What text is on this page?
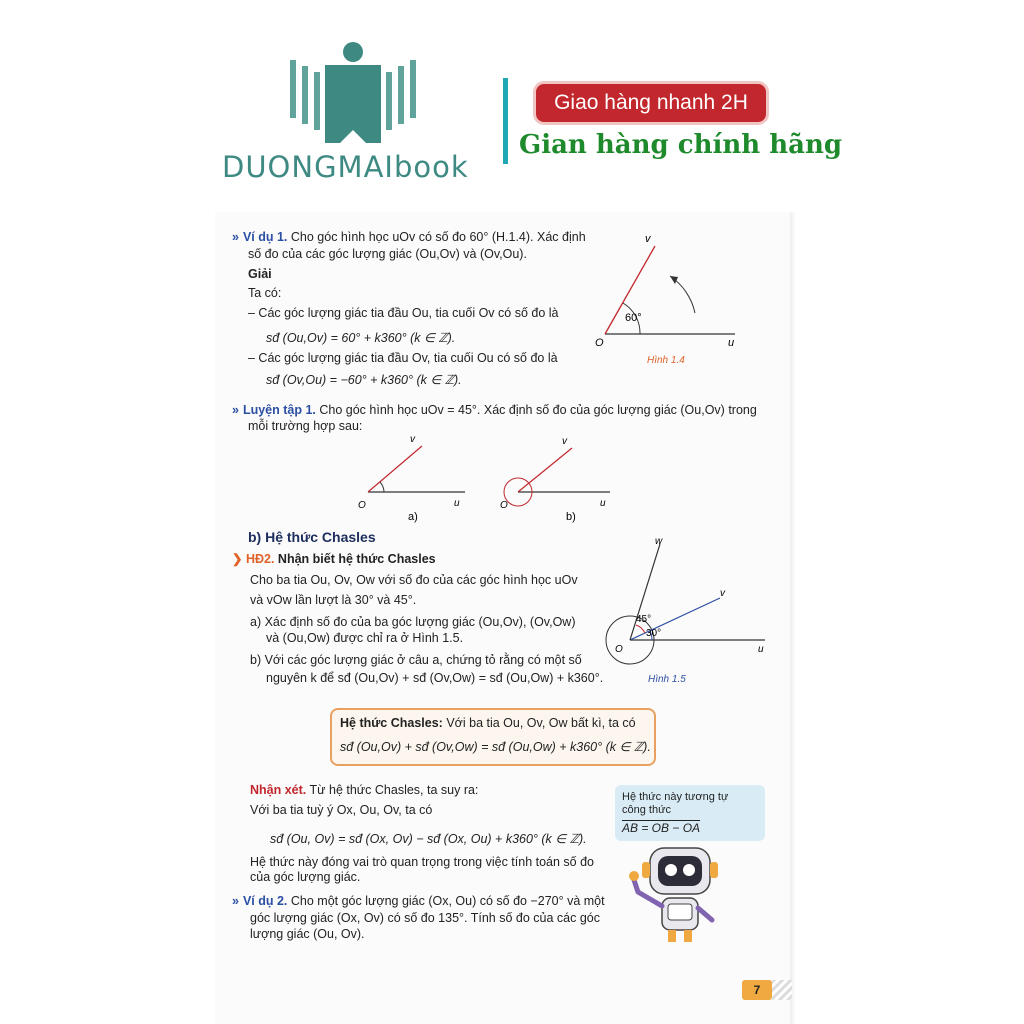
DUONGMAIbook
Giao hàng nhanh 2H
Gian hàng chính hãng
» Ví dụ 1. Cho góc hình học uOv có số đo 60° (H.1.4). Xác định
số đo của các góc lượng giác (Ou,Ov) và (Ov,Ou).
Giải
Ta có:
– Các góc lượng giác tia đầu Ou, tia cuối Ov có số đo là
sđ (Ou,Ov) = 60° + k360° (k ∈ ℤ).
– Các góc lượng giác tia đầu Ov, tia cuối Ou có số đo là
sđ (Ov,Ou) = −60° + k360° (k ∈ ℤ).
v
O	u
60°
Hình 1.4
» Luyện tập 1. Cho góc hình học uOv = 45°. Xác định số đo của góc lượng giác (Ou,Ov) trong
mỗi trường hợp sau:
v
O	u
a)
v
O	u
b)
b) Hệ thức Chasles
❯ HĐ2. Nhận biết hệ thức Chasles
Cho ba tia Ou, Ov, Ow với số đo của các góc hình học uOv
và vOw lần lượt là 30° và 45°.
a) Xác định số đo của ba góc lượng giác (Ou,Ov), (Ov,Ow)
và (Ou,Ow) được chỉ ra ở Hình 1.5.
b) Với các góc lượng giác ở câu a, chứng tỏ rằng có một số
nguyên k để sđ (Ou,Ov) + sđ (Ov,Ow) = sđ (Ou,Ow) + k360°.
w
v
O	u
45°
30°
Hình 1.5
Hệ thức Chasles: Với ba tia Ou, Ov, Ow bất kì, ta có
sđ (Ou,Ov) + sđ (Ov,Ow) = sđ (Ou,Ow) + k360° (k ∈ ℤ).
Nhận xét. Từ hệ thức Chasles, ta suy ra:
Với ba tia tuỳ ý Ox, Ou, Ov, ta có
sđ (Ou, Ov) = sđ (Ox, Ov) − sđ (Ox, Ou) + k360° (k ∈ ℤ).
Hệ thức này đóng vai trò quan trọng trong việc tính toán số đo
của góc lượng giác.
Hệ thức này tương tự
công thức
AB = OB − OA
» Ví dụ 2. Cho một góc lượng giác (Ox, Ou) có số đo −270° và một
góc lượng giác (Ox, Ov) có số đo 135°. Tính số đo của các góc
lượng giác (Ou, Ov).
7
